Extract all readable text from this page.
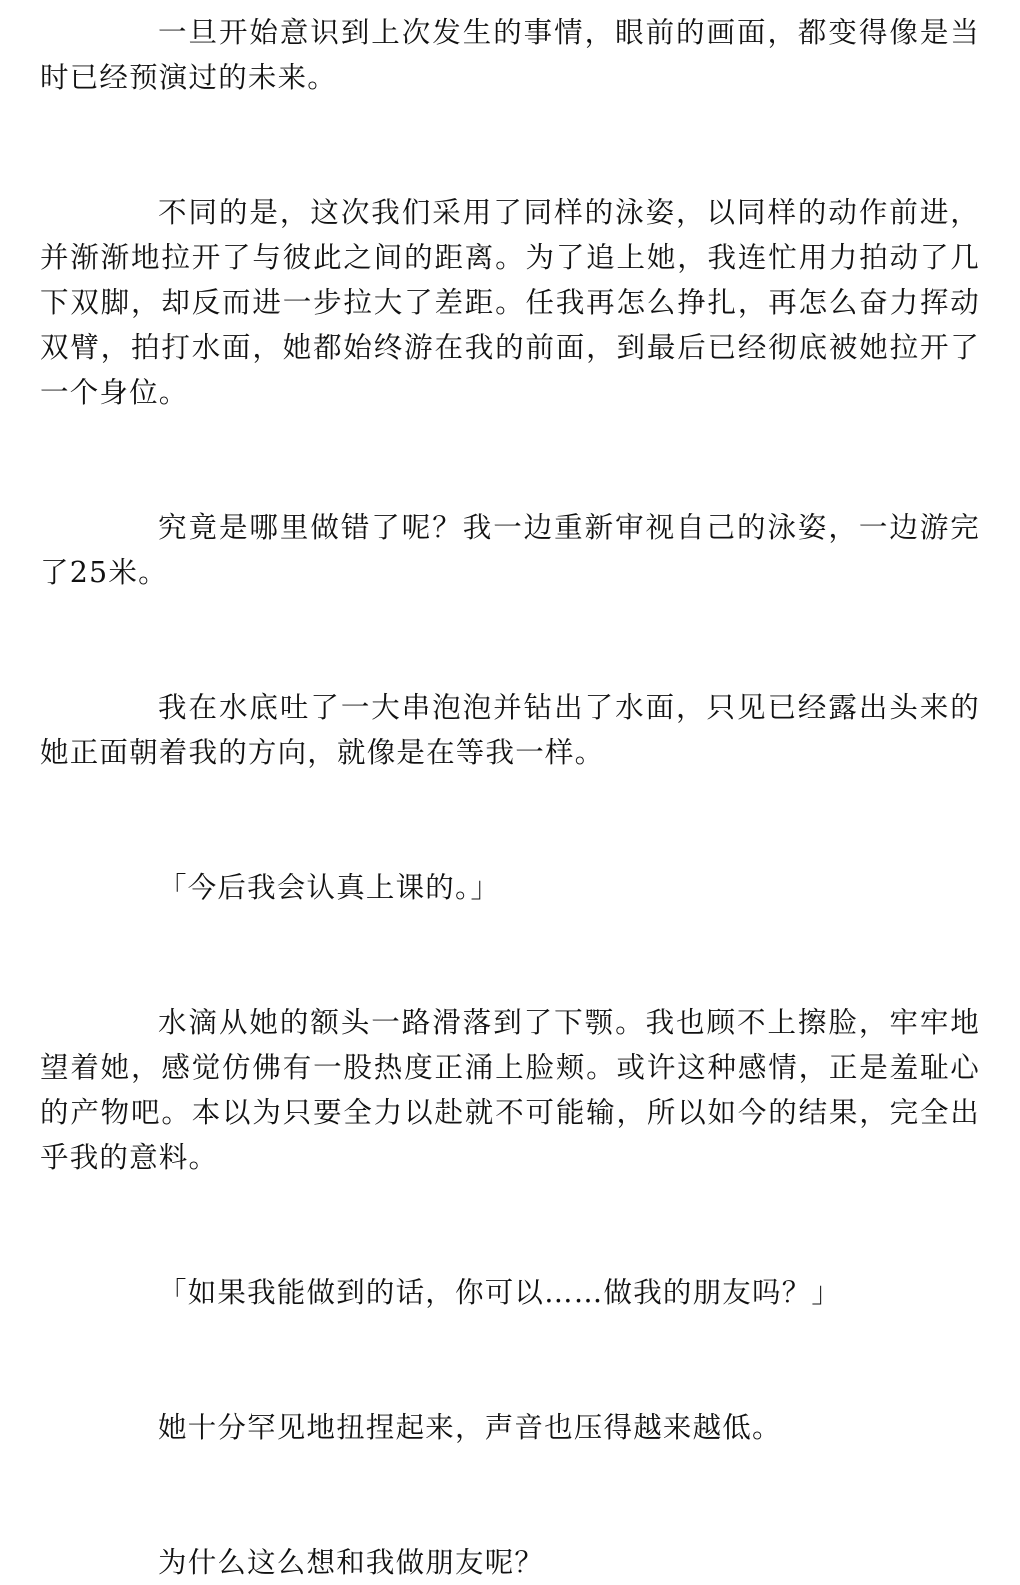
一旦开始意识到上次发生的事情，眼前的画面，都变得像是当时已经预演过的未来。

不同的是，这次我们采用了同样的泳姿，以同样的动作前进，并渐渐地拉开了与彼此之间的距离。为了追上她，我连忙用力拍动了几下双脚，却反而进一步拉大了差距。任我再怎么挣扎，再怎么奋力挥动双臂，拍打水面，她都始终游在我的前面，到最后已经彻底被她拉开了一个身位。

究竟是哪里做错了呢？我一边重新审视自己的泳姿，一边游完了25米。

我在水底吐了一大串泡泡并钻出了水面，只见已经露出头来的她正面朝着我的方向，就像是在等我一样。

「今后我会认真上课的。」

水滴从她的额头一路滑落到了下颚。我也顾不上擦脸，牢牢地望着她，感觉仿佛有一股热度正涌上脸颊。或许这种感情，正是羞耻心的产物吧。本以为只要全力以赴就不可能输，所以如今的结果，完全出乎我的意料。

「如果我能做到的话，你可以……做我的朋友吗？」

她十分罕见地扭捏起来，声音也压得越来越低。

为什么这么想和我做朋友呢？
